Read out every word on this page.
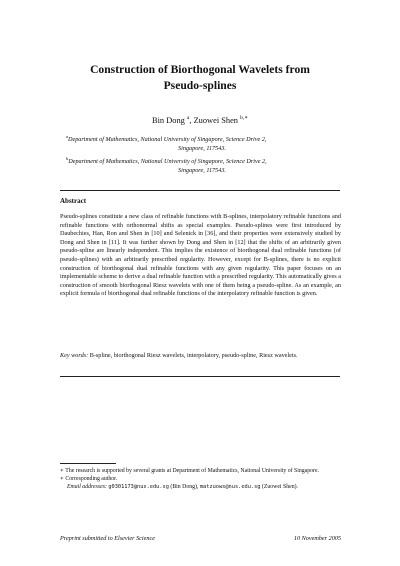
Construction of Biorthogonal Wavelets from
Pseudo-splines
Bin Dong $^a$, Zuowei Shen $^{b,∗}$
$^a$Department of Mathematics, National University of Singapore, Science Drive 2,
Singapore, 117543.
$^b$Department of Mathematics, National University of Singapore, Science Drive 2,
Singapore, 117543.
Abstract
Pseudo-splines constitute a new class of refinable functions with B-splines, interpolatory refinable functions and refinable functions with orthonormal shifts as special examples. Pseudo-splines were first introduced by Daubechies, Han, Ron and Shen in [10] and Selenick in [36], and their properties were extensively studied by Dong and Shen in [11]. It was further shown by Dong and Shen in [12] that the shifts of an arbitrarily given pseudo-spline are linearly independent. This implies the existence of biorthogonal dual refinable functions (of pseudo-splines) with an arbitrarily prescribed regularity. However, except for B-splines, there is no explicit construction of biorthogonal dual refinable functions with any given regularity. This paper focuses on an implementable scheme to derive a dual refinable function with a prescribed regularity. This automatically gives a construction of smooth biorthogonal Riesz wavelets with one of them being a pseudo-spline. As an example, an explicit formula of biorthogonal dual refinable functions of the interpolatory refinable function is given.
Key words: B-spline, biorthogonal Riesz wavelets, interpolatory, pseudo-spline, Riesz wavelets.
∗ The research is supported by several grants at Department of Mathematics, National University of Singapore.
∗ Corresponding author.
Email addresses: g0301173@nus.edu.sg (Bin Dong), matzuows@nus.edu.sg (Zuowei Shen).
Preprint submitted to Elsevier Science	10 November 2005
